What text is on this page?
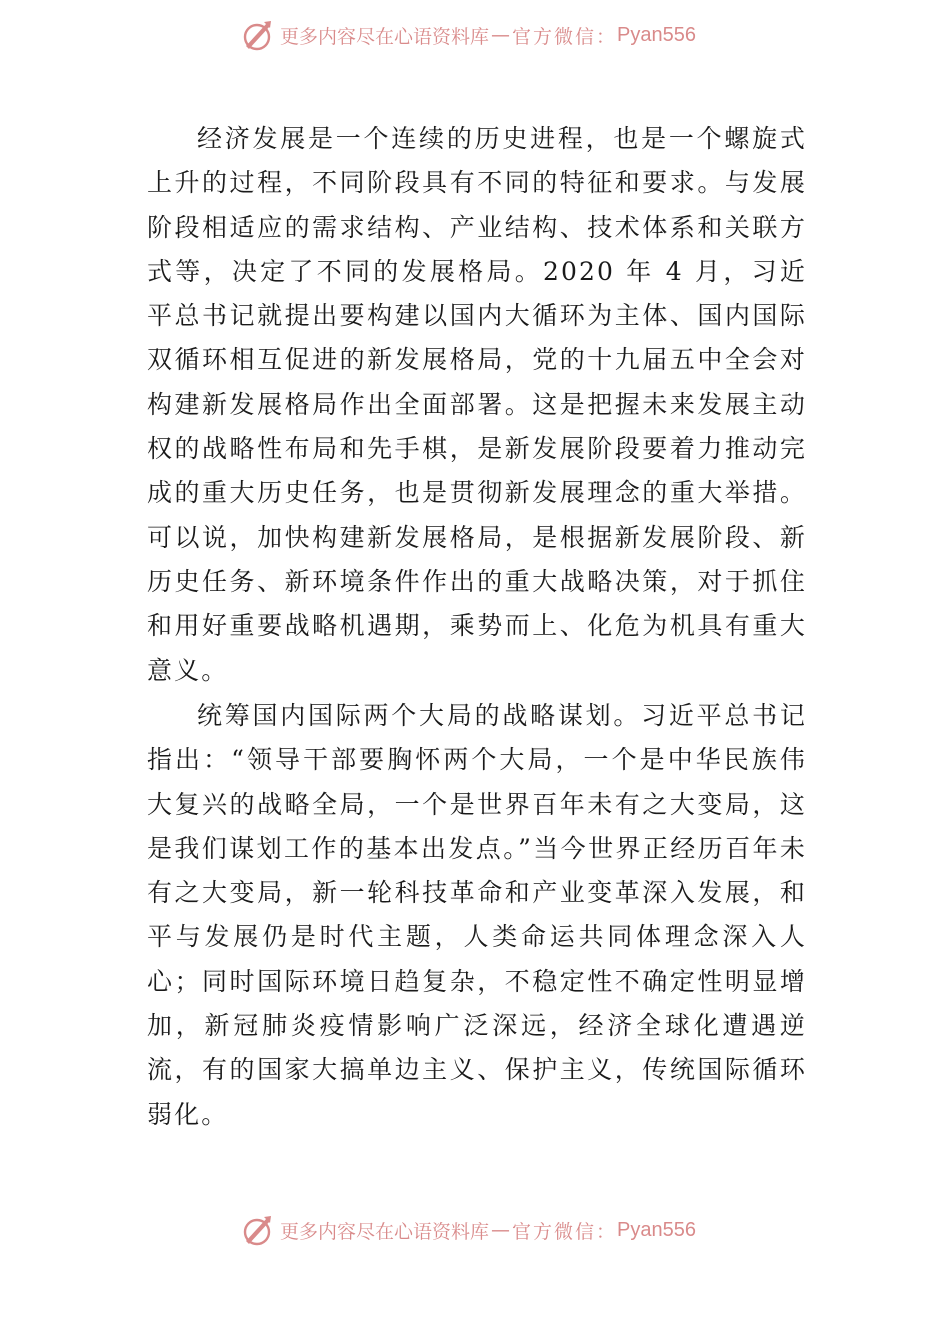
更多内容尽在心语资料库 — 官方微信： Pyan556

经济发展是一个连续的历史进程，也是一个螺旋式上升的过程，不同阶段具有不同的特征和要求。与发展阶段相适应的需求结构、产业结构、技术体系和关联方式等，决定了不同的发展格局。2020 年 4 月，习近平总书记就提出要构建以国内大循环为主体、国内国际双循环相互促进的新发展格局，党的十九届五中全会对构建新发展格局作出全面部署。这是把握未来发展主动权的战略性布局和先手棋，是新发展阶段要着力推动完成的重大历史任务，也是贯彻新发展理念的重大举措。可以说，加快构建新发展格局，是根据新发展阶段、新历史任务、新环境条件作出的重大战略决策，对于抓住和用好重要战略机遇期，乘势而上、化危为机具有重大意义。

统筹国内国际两个大局的战略谋划。习近平总书记指出：“领导干部要胸怀两个大局，一个是中华民族伟大复兴的战略全局，一个是世界百年未有之大变局，这是我们谋划工作的基本出发点。”当今世界正经历百年未有之大变局，新一轮科技革命和产业变革深入发展，和平与发展仍是时代主题，人类命运共同体理念深入人心；同时国际环境日趋复杂，不稳定性不确定性明显增加，新冠肺炎疫情影响广泛深远，经济全球化遭遇逆流，有的国家大搞单边主义、保护主义，传统国际循环弱化。

更多内容尽在心语资料库 — 官方微信： Pyan556
